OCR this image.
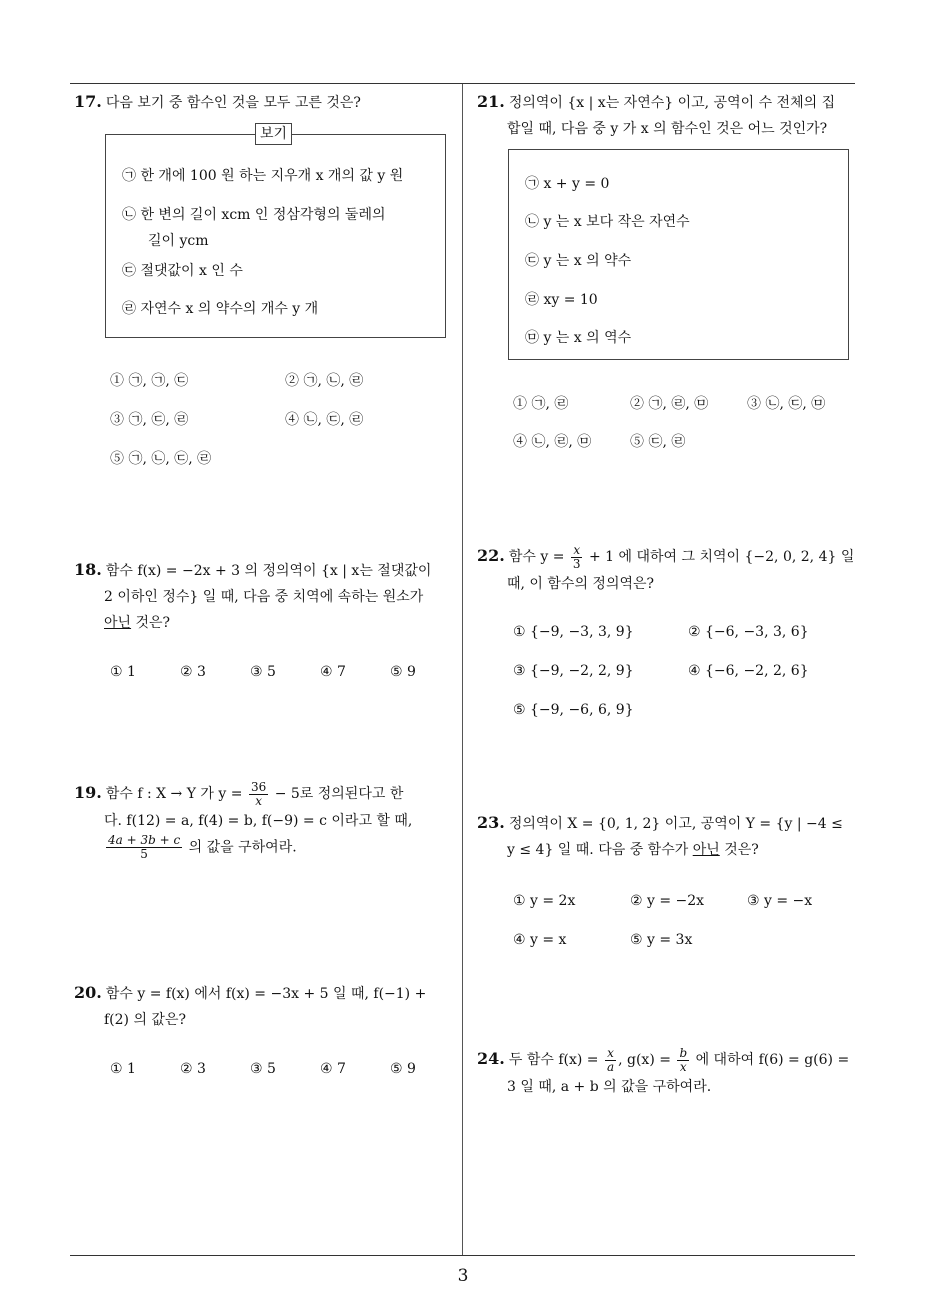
17. 다음 보기 중 함수인 것을 모두 고른 것은?
보기
㉠ 한 개에 100 원 하는 지우개 x 개의 값 y 원
㉡ 한 변의 길이 xcm 인 정삼각형의 둘레의
길이 ycm
㉢ 절댓값이 x 인 수
㉣ 자연수 x 의 약수의 개수 y 개
① ㉠, ㉠, ㉢	② ㉠, ㉡, ㉣
③ ㉠, ㉢, ㉣	④ ㉡, ㉢, ㉣
⑤ ㉠, ㉡, ㉢, ㉣
18. 함수 f(x) = −2x + 3 의 정의역이 {x | x는 절댓값이
2 이하인 정수} 일 때, 다음 중 치역에 속하는 원소가
아닌 것은?
① 1	② 3	③ 5	④ 7	⑤ 9
19. 함수 f : X → Y 가 $y = \frac{36}{x} - 5$로 정의된다고 한
다. f(12) = a, f(4) = b, f(−9) = c 이라고 할 때,
$\frac{4a + 3b + c}{5}$ 의 값을 구하여라.
20. 함수 y = f(x) 에서 f(x) = −3x + 5 일 때, f(−1) +
f(2) 의 값은?
① 1	② 3	③ 5	④ 7	⑤ 9
21. 정의역이 {x | x는 자연수} 이고, 공역이 수 전체의 집
합일 때, 다음 중 y 가 x 의 함수인 것은 어느 것인가?
㉠ x + y = 0
㉡ y 는 x 보다 작은 자연수
㉢ y 는 x 의 약수
㉣ xy = 10
㉤ y 는 x 의 역수
① ㉠, ㉣	② ㉠, ㉣, ㉤	③ ㉡, ㉢, ㉤
④ ㉡, ㉣, ㉤	⑤ ㉢, ㉣
22. 함수 $y = \frac{x}{3} + 1$ 에 대하여 그 치역이 {−2, 0, 2, 4} 일
때, 이 함수의 정의역은?
① {−9, −3, 3, 9}	② {−6, −3, 3, 6}
③ {−9, −2, 2, 9}	④ {−6, −2, 2, 6}
⑤ {−9, −6, 6, 9}
23. 정의역이 X = {0, 1, 2} 이고, 공역이 Y = {y | −4 ≤
y ≤ 4} 일 때. 다음 중 함수가 아닌 것은?
① y = 2x	② y = −2x	③ y = −x
④ y = x	⑤ y = 3x
24. 두 함수 $f(x) = \frac{x}{a}$ , $g(x) = \frac{b}{x}$ 에 대하여 f(6) = g(6) =
3 일 때, a + b 의 값을 구하여라.
3
